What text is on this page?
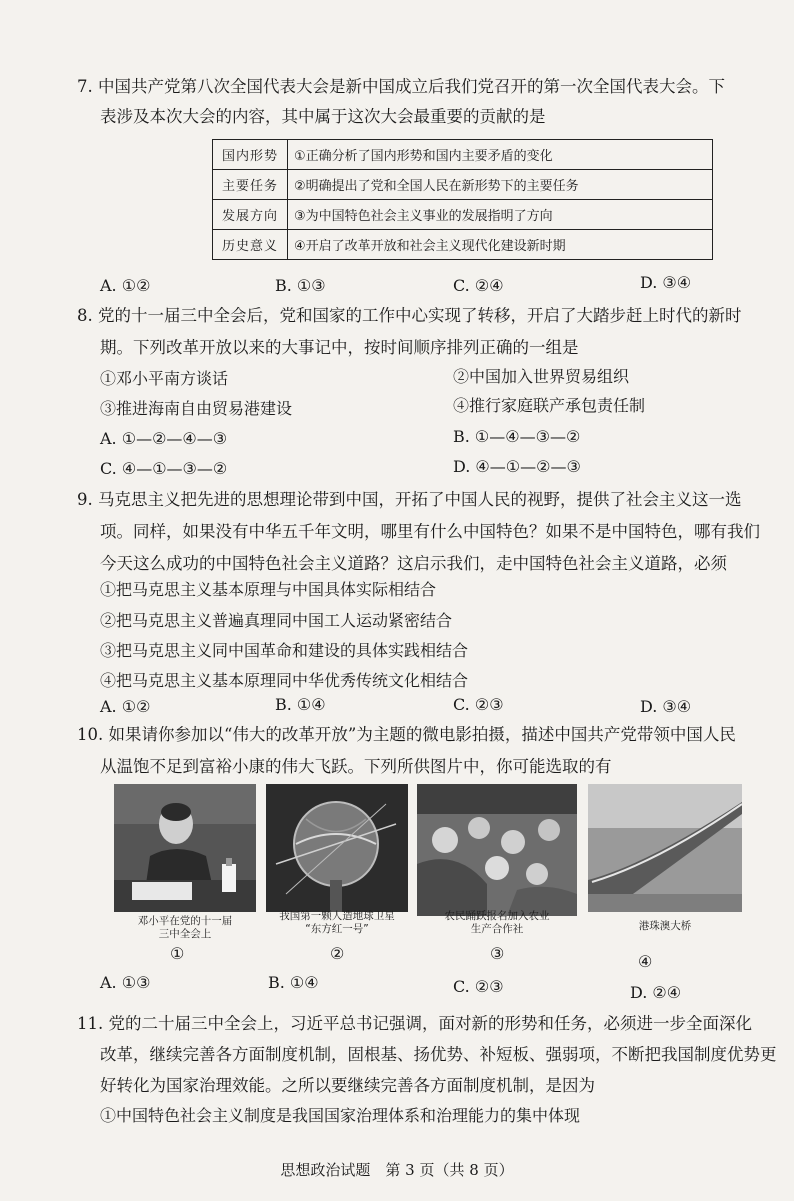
7. 中国共产党第八次全国代表大会是新中国成立后我们党召开的第一次全国代表大会。下
表涉及本次大会的内容，其中属于这次大会最重要的贡献的是
国内形势	①正确分析了国内形势和国内主要矛盾的变化
主要任务	②明确提出了党和全国人民在新形势下的主要任务
发展方向	③为中国特色社会主义事业的发展指明了方向
历史意义	④开启了改革开放和社会主义现代化建设新时期
A. ①②	B. ①③	C. ②④	D. ③④
8. 党的十一届三中全会后，党和国家的工作中心实现了转移，开启了大踏步赶上时代的新时
期。下列改革开放以来的大事记中，按时间顺序排列正确的一组是
①邓小平南方谈话	②中国加入世界贸易组织
③推进海南自由贸易港建设	④推行家庭联产承包责任制
A. ①—②—④—③	B. ①—④—③—②
C. ④—①—③—②	D. ④—①—②—③
9. 马克思主义把先进的思想理论带到中国，开拓了中国人民的视野，提供了社会主义这一选
项。同样，如果没有中华五千年文明，哪里有什么中国特色？如果不是中国特色，哪有我们
今天这么成功的中国特色社会主义道路？这启示我们，走中国特色社会主义道路，必须
①把马克思主义基本原理与中国具体实际相结合
②把马克思主义普遍真理同中国工人运动紧密结合
③把马克思主义同中国革命和建设的具体实践相结合
④把马克思主义基本原理同中华优秀传统文化相结合
A. ①②	B. ①④	C. ②③	D. ③④
10. 如果请你参加以“伟大的改革开放”为主题的微电影拍摄，描述中国共产党带领中国人民
邓小平在党的十一届
三中全会上
①
我国第一颗人造地球卫星
“东方红一号”
②
农民踊跃报名加入农业
生产合作社
③
港珠澳大桥
④
A. ①③	B. ①④	C. ②③	D. ②④
11. 党的二十届三中全会上，习近平总书记强调，面对新的形势和任务，必须进一步全面深化
改革，继续完善各方面制度机制，固根基、扬优势、补短板、强弱项，不断把我国制度优势更
好转化为国家治理效能。之所以要继续完善各方面制度机制，是因为
①中国特色社会主义制度是我国国家治理体系和治理能力的集中体现
思想政治试题　第 3 页（共 8 页）
从温饱不足到富裕小康的伟大飞跃。下列所供图片中，你可能选取的有
